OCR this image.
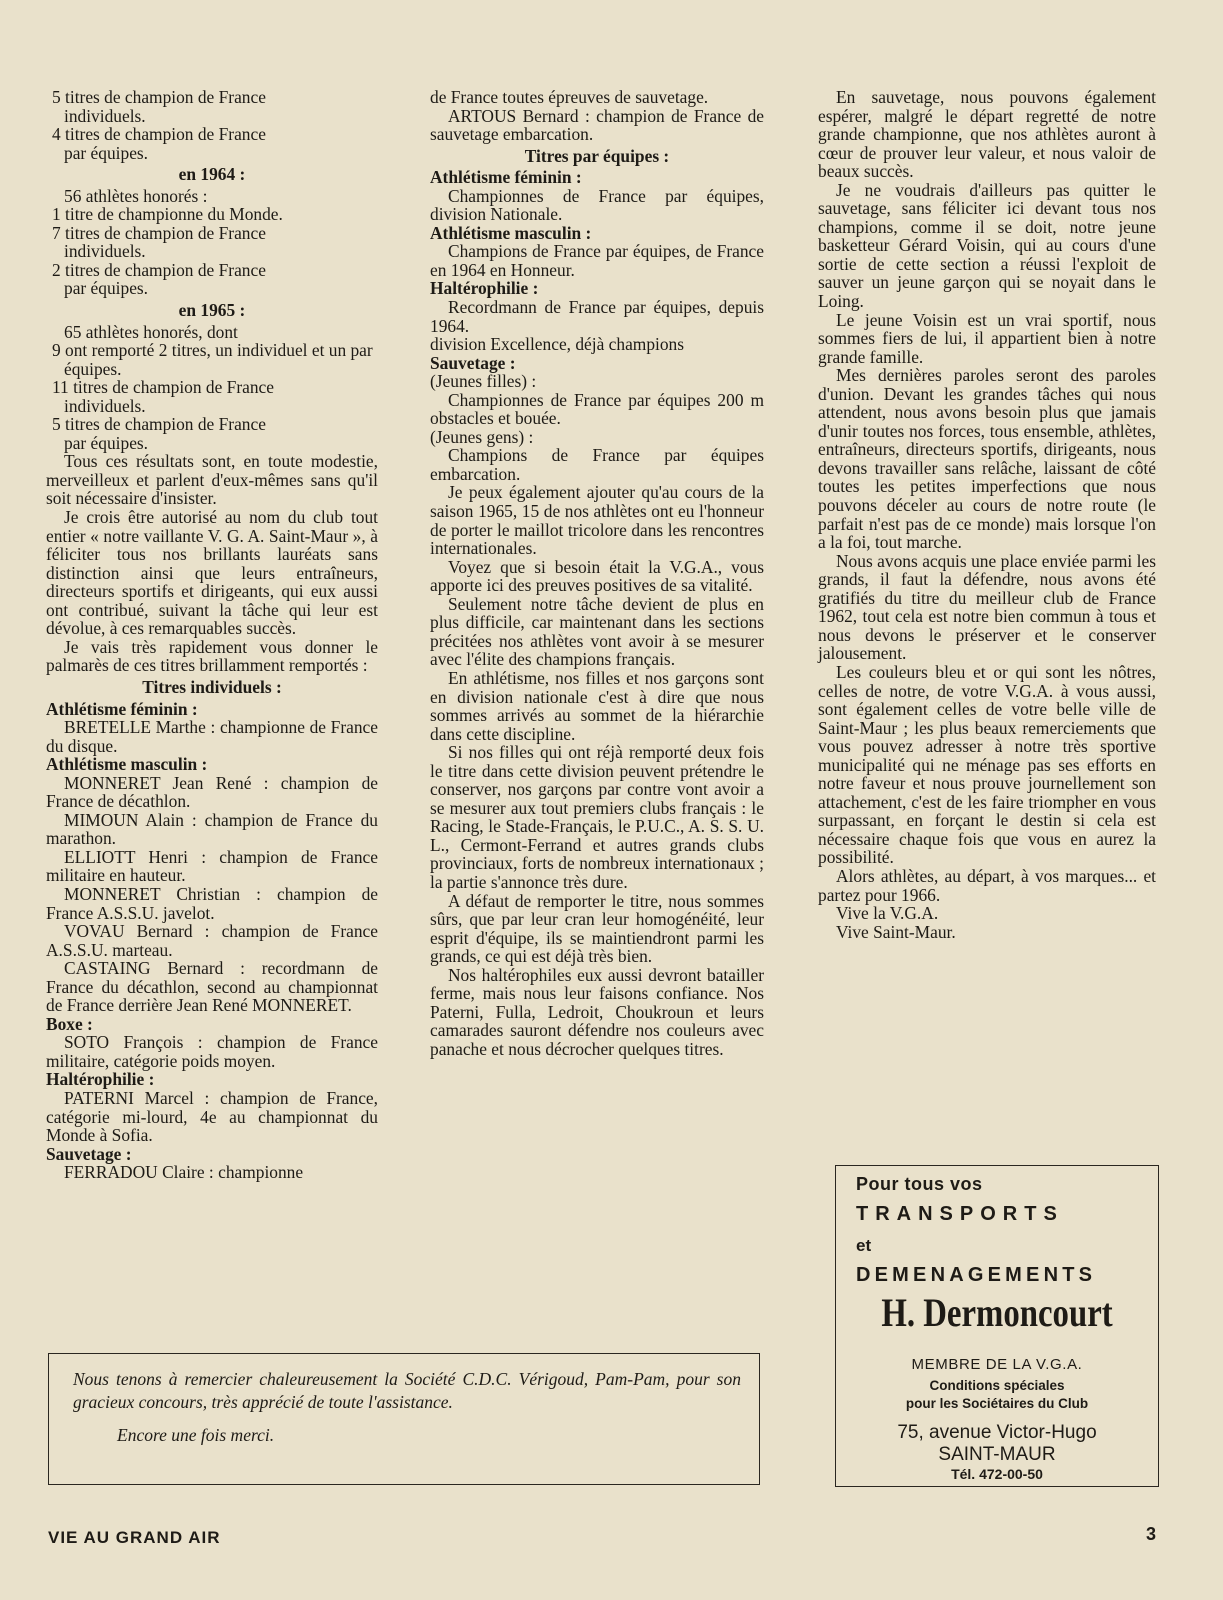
5 titres de champion de France

individuels.

4 titres de champion de France

par équipes.

en 1964 :

56 athlètes honorés :

1 titre de championne du Monde.

7 titres de champion de France

individuels.

2 titres de champion de France

par équipes.

en 1965 :

65 athlètes honorés, dont

9 ont remporté 2 titres, un individuel et un par équipes.

11 titres de champion de France

individuels.

5 titres de champion de France

par équipes.

Tous ces résultats sont, en toute modestie, merveilleux et parlent d'eux-mêmes sans qu'il soit nécessaire d'insister.

Je crois être autorisé au nom du club tout entier « notre vaillante V. G. A. Saint-Maur », à féliciter tous nos brillants lauréats sans distinction ainsi que leurs entraîneurs, directeurs sportifs et dirigeants, qui eux aussi ont contribué, suivant la tâche qui leur est dévolue, à ces remarquables succès.

Je vais très rapidement vous donner le palmarès de ces titres brillamment remportés :

Titres individuels :

Athlétisme féminin :

BRETELLE Marthe : championne de France du disque.

Athlétisme masculin :

MONNERET Jean René : champion de France de décathlon.

MIMOUN Alain : champion de France du marathon.

ELLIOTT Henri : champion de France militaire en hauteur.

MONNERET Christian : champion de France A.S.S.U. javelot.

VOVAU Bernard : champion de France A.S.S.U. marteau.

CASTAING Bernard : recordmann de France du décathlon, second au championnat de France derrière Jean René MONNERET.

Boxe :

SOTO François : champion de France militaire, catégorie poids moyen.

Haltérophilie :

PATERNI Marcel : champion de France, catégorie mi-lourd, 4e au championnat du Monde à Sofia.

Sauvetage :

FERRADOU Claire : championne

de France toutes épreuves de sauvetage.

ARTOUS Bernard : champion de France de sauvetage embarcation.

Titres par équipes :

Athlétisme féminin :

Championnes de France par équipes, division Nationale.

Athlétisme masculin :

Champions de France par équipes, de France en 1964 en Honneur.

Haltérophilie :

Recordmann de France par équipes, depuis 1964.

division Excellence, déjà champions

Sauvetage :

(Jeunes filles) :

Championnes de France par équipes 200 m obstacles et bouée.

(Jeunes gens) :

Champions de France par équipes embarcation.

Je peux également ajouter qu'au cours de la saison 1965, 15 de nos athlètes ont eu l'honneur de porter le maillot tricolore dans les rencontres internationales.

Voyez que si besoin était la V.G.A., vous apporte ici des preuves positives de sa vitalité.

Seulement notre tâche devient de plus en plus difficile, car maintenant dans les sections précitées nos athlètes vont avoir à se mesurer avec l'élite des champions français.

En athlétisme, nos filles et nos garçons sont en division nationale c'est à dire que nous sommes arrivés au sommet de la hiérarchie dans cette discipline.

Si nos filles qui ont réjà remporté deux fois le titre dans cette division peuvent prétendre le conserver, nos garçons par contre vont avoir a se mesurer aux tout premiers clubs français : le Racing, le Stade-Français, le P.U.C., A. S. S. U. L., Cermont-Ferrand et autres grands clubs provinciaux, forts de nombreux internationaux ; la partie s'annonce très dure.

A défaut de remporter le titre, nous sommes sûrs, que par leur cran leur homogénéité, leur esprit d'équipe, ils se maintiendront parmi les grands, ce qui est déjà très bien.

Nos haltérophiles eux aussi devront batailler ferme, mais nous leur faisons confiance. Nos Paterni, Fulla, Ledroit, Choukroun et leurs camarades sauront défendre nos couleurs avec panache et nous décrocher quelques titres.

En sauvetage, nous pouvons également espérer, malgré le départ regretté de notre grande championne, que nos athlètes auront à cœur de prouver leur valeur, et nous valoir de beaux succès.

Je ne voudrais d'ailleurs pas quitter le sauvetage, sans féliciter ici devant tous nos champions, comme il se doit, notre jeune basketteur Gérard Voisin, qui au cours d'une sortie de cette section a réussi l'exploit de sauver un jeune garçon qui se noyait dans le Loing.

Le jeune Voisin est un vrai sportif, nous sommes fiers de lui, il appartient bien à notre grande famille.

Mes dernières paroles seront des paroles d'union. Devant les grandes tâches qui nous attendent, nous avons besoin plus que jamais d'unir toutes nos forces, tous ensemble, athlètes, entraîneurs, directeurs sportifs, dirigeants, nous devons travailler sans relâche, laissant de côté toutes les petites imperfections que nous pouvons déceler au cours de notre route (le parfait n'est pas de ce monde) mais lorsque l'on a la foi, tout marche.

Nous avons acquis une place enviée parmi les grands, il faut la défendre, nous avons été gratifiés du titre du meilleur club de France 1962, tout cela est notre bien commun à tous et nous devons le préserver et le conserver jalousement.

Les couleurs bleu et or qui sont les nôtres, celles de notre, de votre V.G.A. à vous aussi, sont également celles de votre belle ville de Saint-Maur ; les plus beaux remerciements que vous pouvez adresser à notre très sportive municipalité qui ne ménage pas ses efforts en notre faveur et nous prouve journellement son attachement, c'est de les faire triompher en vous surpassant, en forçant le destin si cela est nécessaire chaque fois que vous en aurez la possibilité.

Alors athlètes, au départ, à vos marques... et partez pour 1966.

Vive la V.G.A.

Vive Saint-Maur.

Nous tenons à remercier chaleureusement la Société C.D.C. Vérigoud, Pam-Pam, pour son gracieux concours, très apprécié de toute l'assistance.

Encore une fois merci.

Pour tous vos
TRANSPORTS
et
DEMENAGEMENTS
H. Dermoncourt
MEMBRE DE LA V.G.A.
Conditions spéciales
pour les Sociétaires du Club
75, avenue Victor-Hugo
SAINT-MAUR
Tél. 472-00-50
VIE AU GRAND AIR	3
